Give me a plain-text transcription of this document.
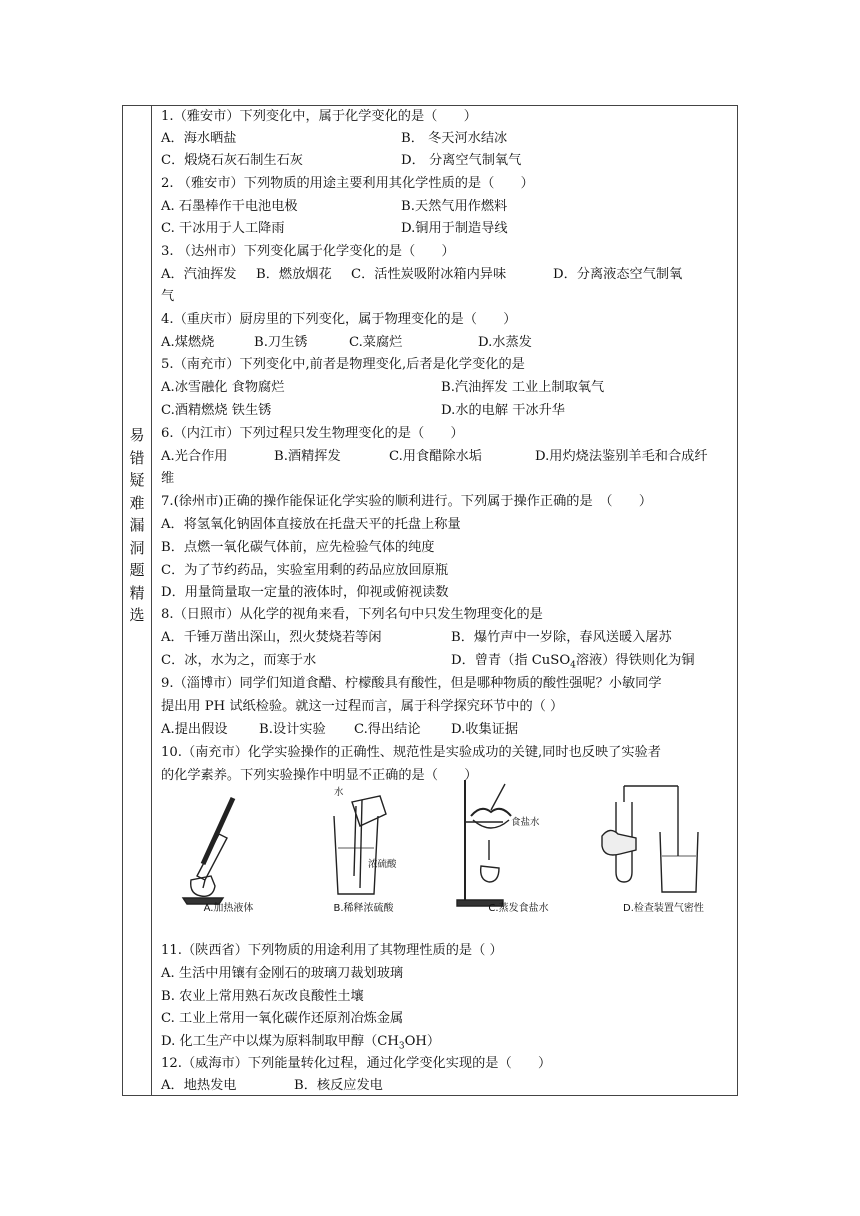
易
错
疑
难
漏
洞
题
精
选
1.（雅安市）下列变化中，属于化学变化的是（　　）
A．海水晒盐	B． 冬天河水结冰
C．煅烧石灰石制生石灰	D． 分离空气制氧气
2. （雅安市）下列物质的用途主要利用其化学性质的是（　　）
A. 石墨棒作干电池电极	B.天然气用作燃料
C. 干冰用于人工降雨	D.铜用于制造导线
3. （达州市）下列变化属于化学变化的是（　　）
A．汽油挥发 B．燃放烟花 C．活性炭吸附冰箱内异味	D．分离液态空气制氧
气
4.（重庆市）厨房里的下列变化，属于物理变化的是（　　）
A.煤燃烧	B.刀生锈	C.菜腐烂	D.水蒸发
5.（南充市）下列变化中,前者是物理变化,后者是化学变化的是
A.冰雪融化 食物腐烂	B.汽油挥发 工业上制取氧气
C.酒精燃烧 铁生锈	D.水的电解 干冰升华
6.（内江市）下列过程只发生物理变化的是（　　）
A.光合作用	B.酒精挥发	C.用食醋除水垢	D.用灼烧法鉴别羊毛和合成纤
维
7.(徐州市)正确的操作能保证化学实验的顺利进行。下列属于操作正确的是　（　　）
A．将氢氧化钠固体直接放在托盘天平的托盘上称量
B．点燃一氧化碳气体前，应先检验气体的纯度
C．为了节约药品，实验室用剩的药品应放回原瓶
D．用量筒量取一定量的液体时，仰视或俯视读数
8.（日照市）从化学的视角来看，下列名句中只发生物理变化的是
A．千锤万凿出深山，烈火焚烧若等闲	B．爆竹声中一岁除，春风送暖入屠苏
C．冰，水为之，而寒于水	D．曾青（指 CuSO$_4$溶液）得铁则化为铜
9.（淄博市）同学们知道食醋、柠檬酸具有酸性，但是哪种物质的酸性强呢？小敏同学
提出用 PH 试纸检验。就这一过程而言，属于科学探究环节中的（ ）
A.提出假设 B.设计实验 C.得出结论 D.收集证据
10.（南充市）化学实验操作的正确性、规范性是实验成功的关键,同时也反映了实验者
的化学素养。下列实验操作中明显不正确的是（　　）
A.加热液体
水
浓硫酸
B.稀释浓硫酸
食盐水
C.蒸发食盐水	D.检查装置气密性
11.（陕西省）下列物质的用途利用了其物理性质的是（ ）
A. 生活中用镶有金刚石的玻璃刀裁划玻璃
B. 农业上常用熟石灰改良酸性土壤
C. 工业上常用一氧化碳作还原剂冶炼金属
D. 化工生产中以煤为原料制取甲醇$(CH_3OH)$
12.（威海市）下列能量转化过程，通过化学变化实现的是（　　）
A．地热发电	B．核反应发电
